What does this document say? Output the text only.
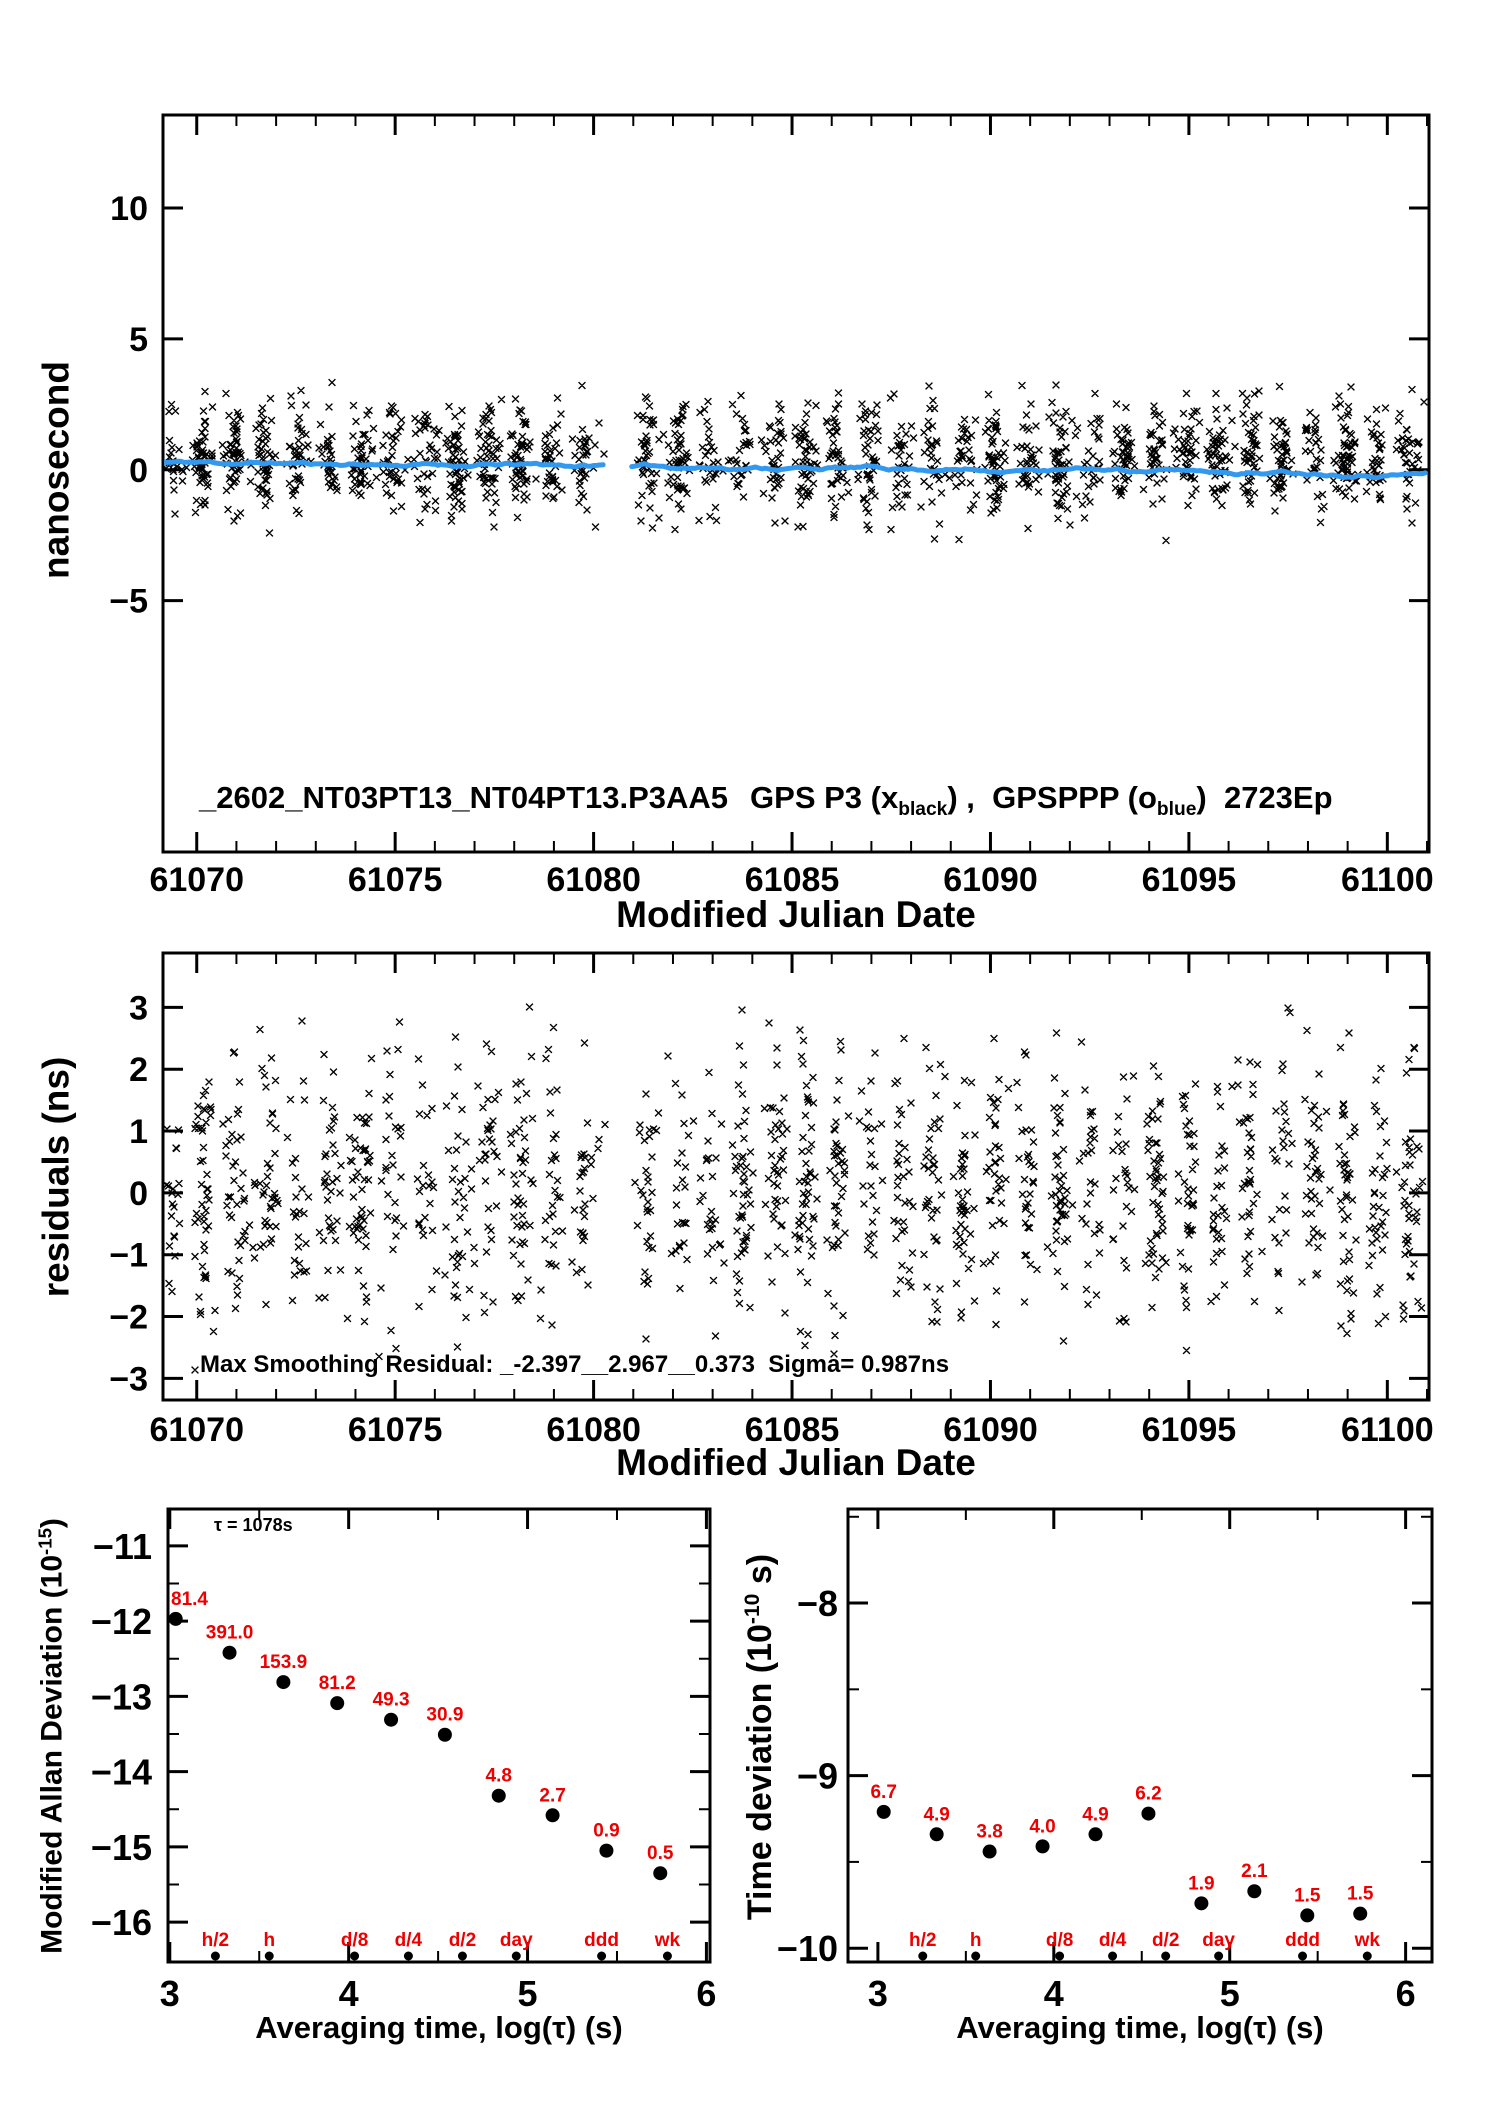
61070	61075	61080	61085	61090	61095	61100
10
5
0
−5
61070	61075	61080	61085	61090	61095	61100
3
2
1
0
−1
−2
−3
3	4	5	6
−11
−12
−13
−14
−15
−16
81.4
391.0
153.9
81.2
49.3
30.9
4.8
2.7
0.9
0.5
h/2 h	d/8 d/4 d/2 day	ddd wk
3	4	5	6
−8
−9
−10
6.7
4.9
3.8 4.0
4.9
6.2
1.9
2.1
1.5 1.5
h/2 h	d/8 d/4 d/2 day	ddd wk
_2602_NT03PT13_NT04PT13.P3AA5 GPS P3 $(x_{black})$ ,  GPSPPP $(o_{blue})$  2723Ep
Modified Julian Date
nanosecond
Max Smoothing Residual: _-2.397__2.967__0.373  Sigma= 0.987ns
Modified Julian Date
residuals (ns)
τ = 1078s
Averaging time, log(τ) (s)
Modified Allan Deviation $(10^{-15})$
Averaging time, log(τ) (s)
Time deviation ($10^{-10}$ s)
